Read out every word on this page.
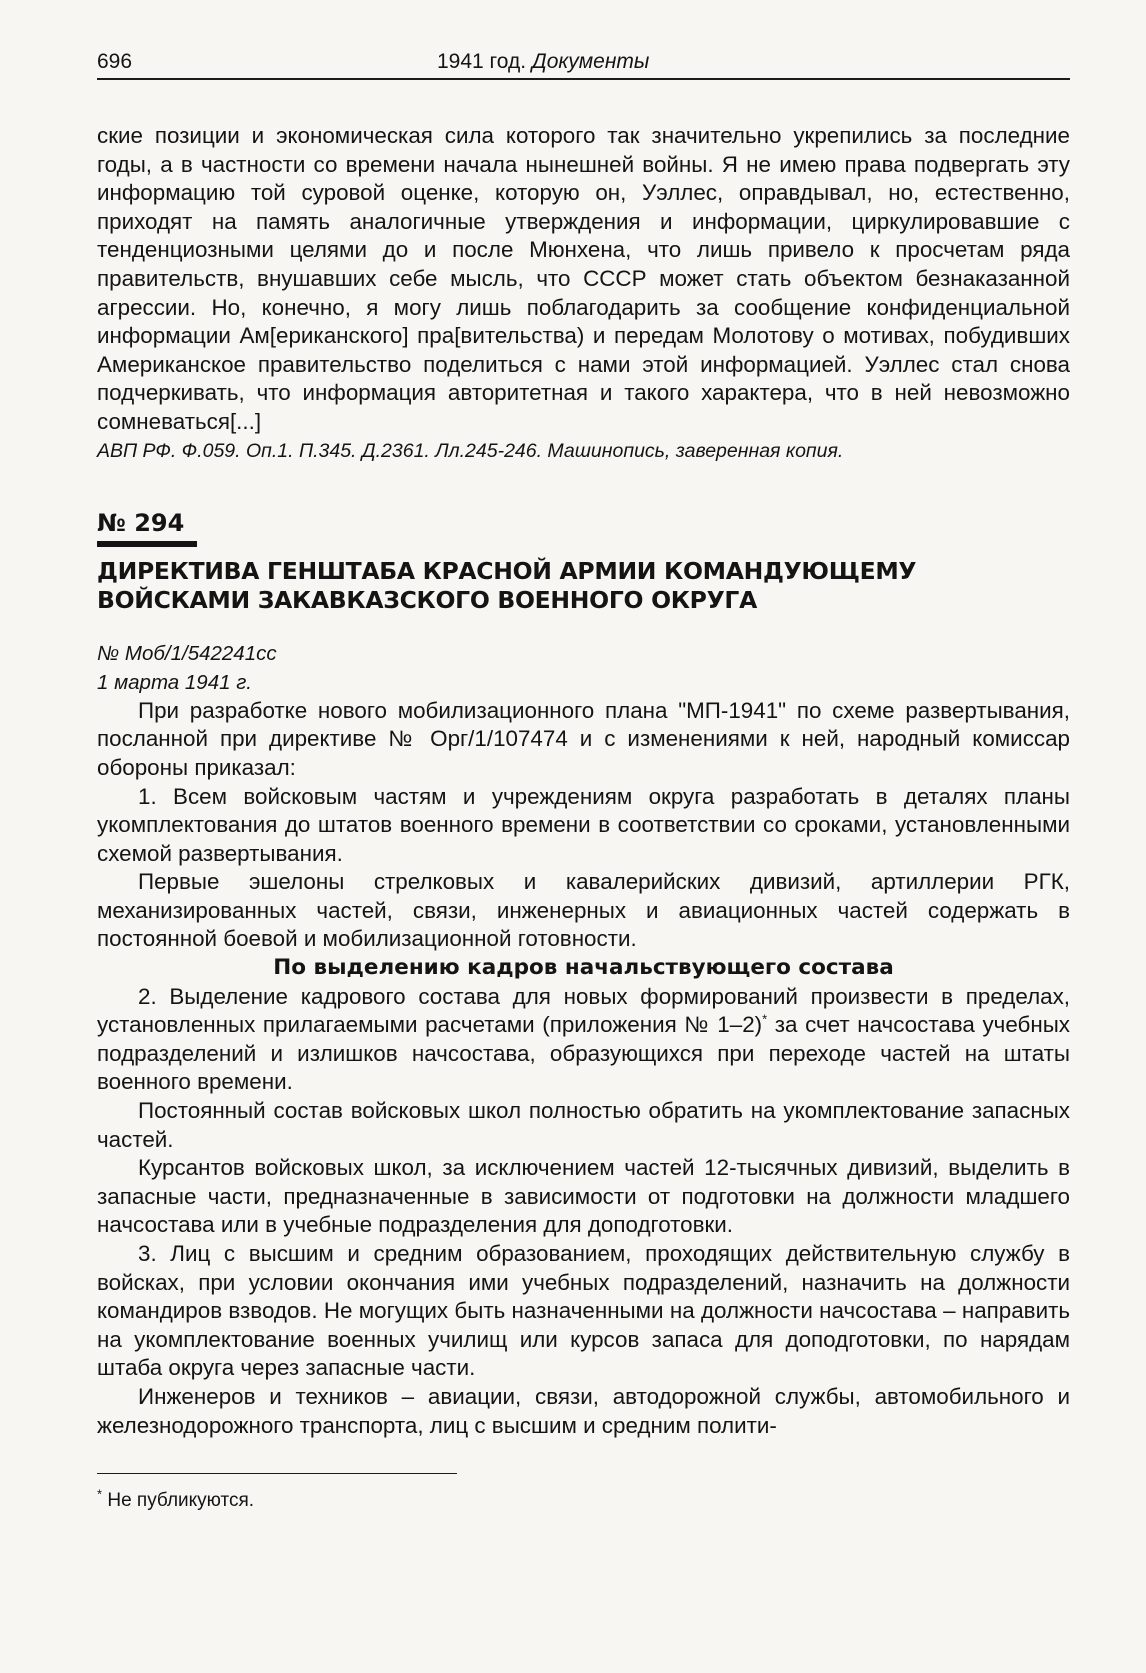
696	1941 год. Документы

ские позиции и экономическая сила которого так значительно укрепились за последние годы, а в частности со времени начала нынешней войны. Я не имею права подвергать эту информацию той суровой оценке, которую он, Уэллес, оправдывал, но, естественно, приходят на память аналогичные утверждения и информации, циркулировавшие с тенденциозными целями до и после Мюнхена, что лишь привело к просчетам ряда правительств, внушавших себе мысль, что СССР может стать объектом безнаказанной агрессии. Но, конечно, я могу лишь поблагодарить за сообщение конфиденциальной информации Ам[ериканского] пра[вительства) и передам Молотову о мотивах, побудивших Американское правительство поделиться с нами этой информацией. Уэллес стал снова подчеркивать, что информация авторитетная и такого характера, что в ней невозможно сомневаться[...]

АВП РФ. Ф.059. Оп.1. П.345. Д.2361. Лл.245-246. Машинопись, заверенная копия.

№ 294
ДИРЕКТИВА ГЕНШТАБА КРАСНОЙ АРМИИ КОМАНДУЮЩЕМУ
ВОЙСКАМИ ЗАКАВКАЗСКОГО ВОЕННОГО ОКРУГА
№ Моб/1/542241сс
1 марта 1941 г.

При разработке нового мобилизационного плана "МП-1941" по схеме развертывания, посланной при директиве № Орг/1/107474 и с изменениями к ней, народный комиссар обороны приказал:

1. Всем войсковым частям и учреждениям округа разработать в деталях планы укомплектования до штатов военного времени в соответствии со сроками, установленными схемой развертывания.

Первые эшелоны стрелковых и кавалерийских дивизий, артиллерии РГК, механизированных частей, связи, инженерных и авиационных частей содержать в постоянной боевой и мобилизационной готовности.

По выделению кадров начальствующего состава

2. Выделение кадрового состава для новых формирований произвести в пределах, установленных прилагаемыми расчетами (приложения № 1–2)* за счет начсостава учебных подразделений и излишков начсостава, образующихся при переходе частей на штаты военного времени.

Постоянный состав войсковых школ полностью обратить на укомплектование запасных частей.

Курсантов войсковых школ, за исключением частей 12-тысячных дивизий, выделить в запасные части, предназначенные в зависимости от подготовки на должности младшего начсостава или в учебные подразделения для доподготовки.

3. Лиц с высшим и средним образованием, проходящих действительную службу в войсках, при условии окончания ими учебных подразделений, назначить на должности командиров взводов. Не могущих быть назначенными на должности начсостава – направить на укомплектование военных училищ или курсов запаса для доподготовки, по нарядам штаба округа через запасные части.

Инженеров и техников – авиации, связи, автодорожной службы, автомобильного и железнодорожного транспорта, лиц с высшим и средним полити-

* Не публикуются.
